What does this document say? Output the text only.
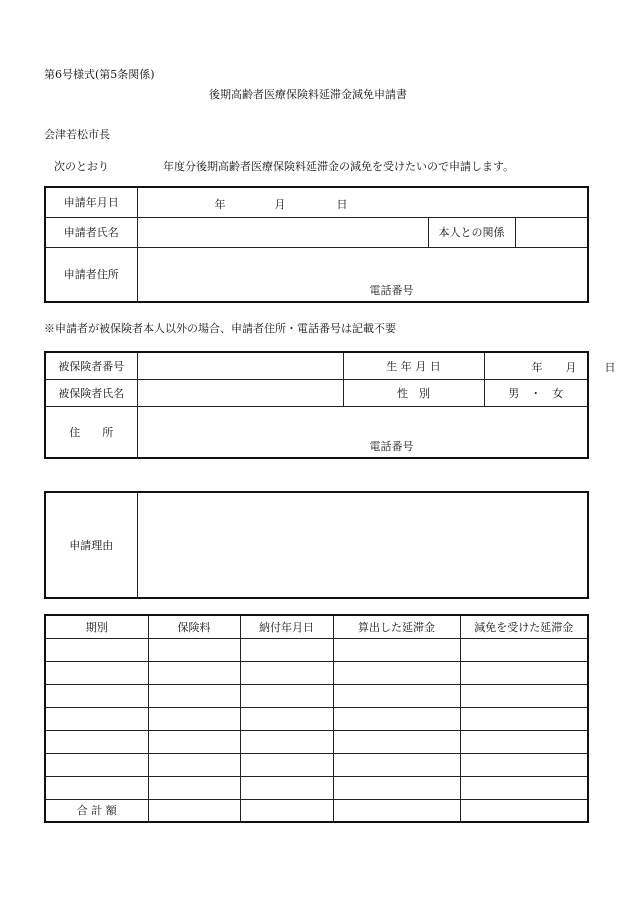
第6号様式(第5条関係)
後期高齢者医療保険料延滞金減免申請書
会津若松市長
次のとおり	年度分後期高齢者医療保険料延滞金の減免を受けたいので申請します。
申請年月日	年 月 日		

申請者氏名		本人との関係	
申請者住所	電話番号		
※申請者が被保険者本人以外の場合、申請者住所・電話番号は記載不要
被保険者番号		生 年 月 日	年 月 日

被保険者氏名		性　別	男　・　女
住　　所	電話番号		
申請理由	
期別	保険料	納付年月日	算出した延滞金	減免を受けた延滞金

合 計 額				
